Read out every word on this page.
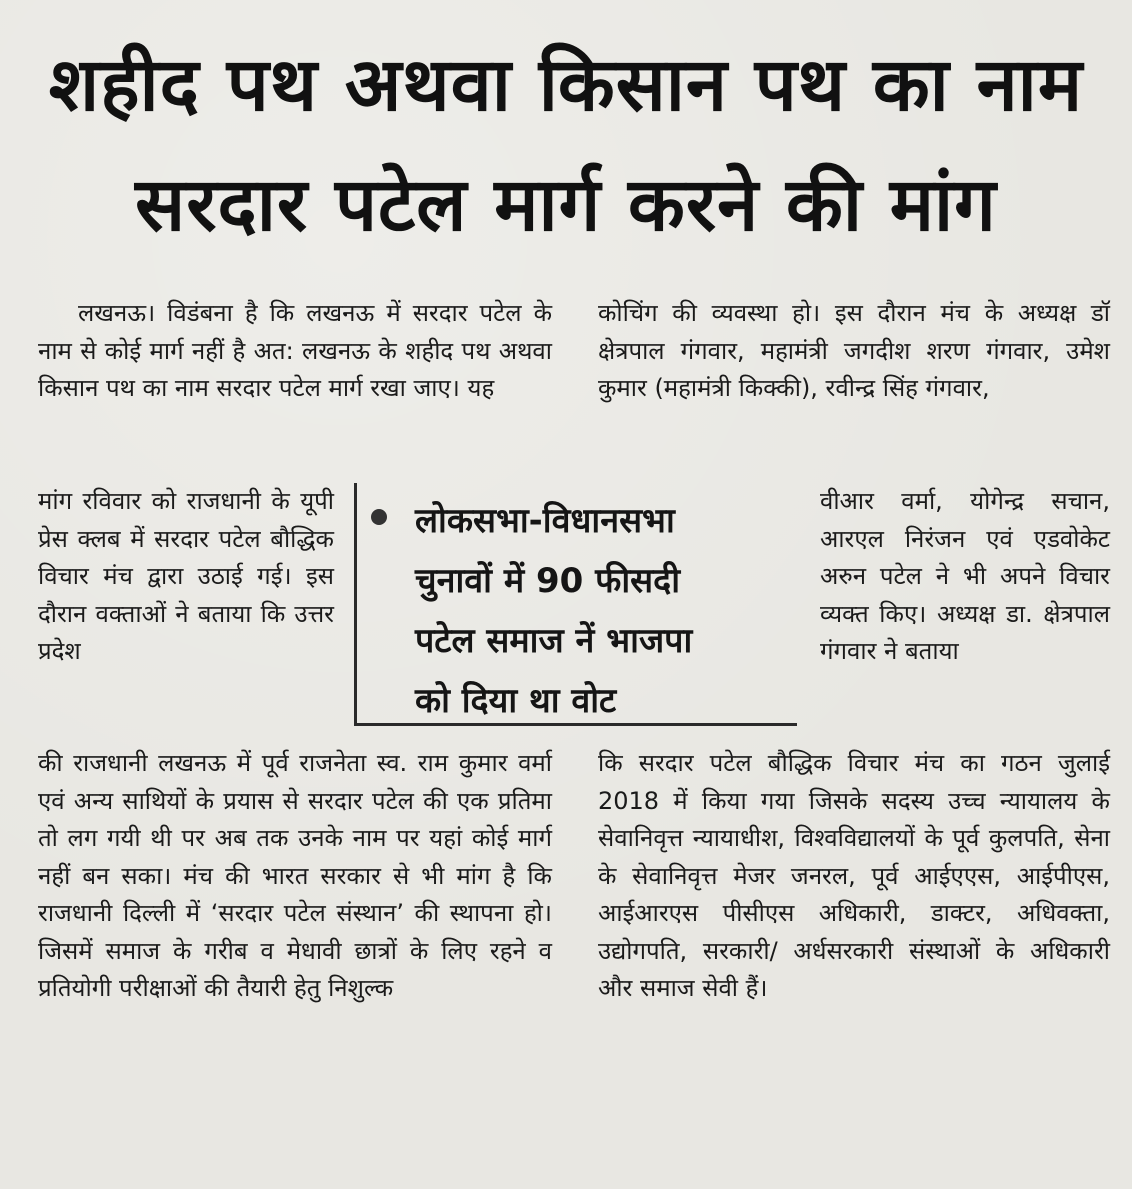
शहीद पथ अथवा किसान पथ का नाम
सरदार पटेल मार्ग करने की मांग

लखनऊ। विडंबना है कि लखनऊ में सरदार पटेल के नाम से कोई मार्ग नहीं है अत: लखनऊ के शहीद पथ अथवा किसान पथ का नाम सरदार पटेल मार्ग रखा जाए। यह

मांग रविवार को राजधानी के यूपी प्रेस क्लब में सरदार पटेल बौद्धिक विचार मंच द्वारा उठाई गई। इस दौरान वक्ताओं ने बताया कि उत्तर प्रदेश

की राजधानी लखनऊ में पूर्व राजनेता स्व. राम कुमार वर्मा एवं अन्य साथियों के प्रयास से सरदार पटेल की एक प्रतिमा तो लग गयी थी पर अब तक उनके नाम पर यहां कोई मार्ग नहीं बन सका। मंच की भारत सरकार से भी मांग है कि राजधानी दिल्ली में ‘सरदार पटेल संस्थान’ की स्थापना हो। जिसमें समाज के गरीब व मेधावी छात्रों के लिए रहने व प्रतियोगी परीक्षाओं की तैयारी हेतु निशुल्क

कोचिंग की व्यवस्था हो। इस दौरान मंच के अध्यक्ष डॉ क्षेत्रपाल गंगवार, महामंत्री जगदीश शरण गंगवार, उमेश कुमार (महामंत्री किक्की), रवीन्द्र सिंह गंगवार,

वीआर वर्मा, योगेन्द्र सचान, आरएल निरंजन एवं एडवोकेट अरुन पटेल ने भी अपने विचार व्यक्त किए। अध्यक्ष डा. क्षेत्रपाल गंगवार ने बताया

कि सरदार पटेल बौद्धिक विचार मंच का गठन जुलाई 2018 में किया गया जिसके सदस्य उच्च न्यायालय के सेवानिवृत्त न्यायाधीश, विश्वविद्यालयों के पूर्व कुलपति, सेना के सेवानिवृत्त मेजर जनरल, पूर्व आईएएस, आईपीएस, आईआरएस पीसीएस अधिकारी, डाक्टर, अधिवक्ता, उद्योगपति, सरकारी/ अर्धसरकारी संस्थाओं के अधिकारी और समाज सेवी हैं।

लोकसभा-विधानसभा
चुनावों में 90 फीसदी
पटेल समाज नें भाजपा
को दिया था वोट
